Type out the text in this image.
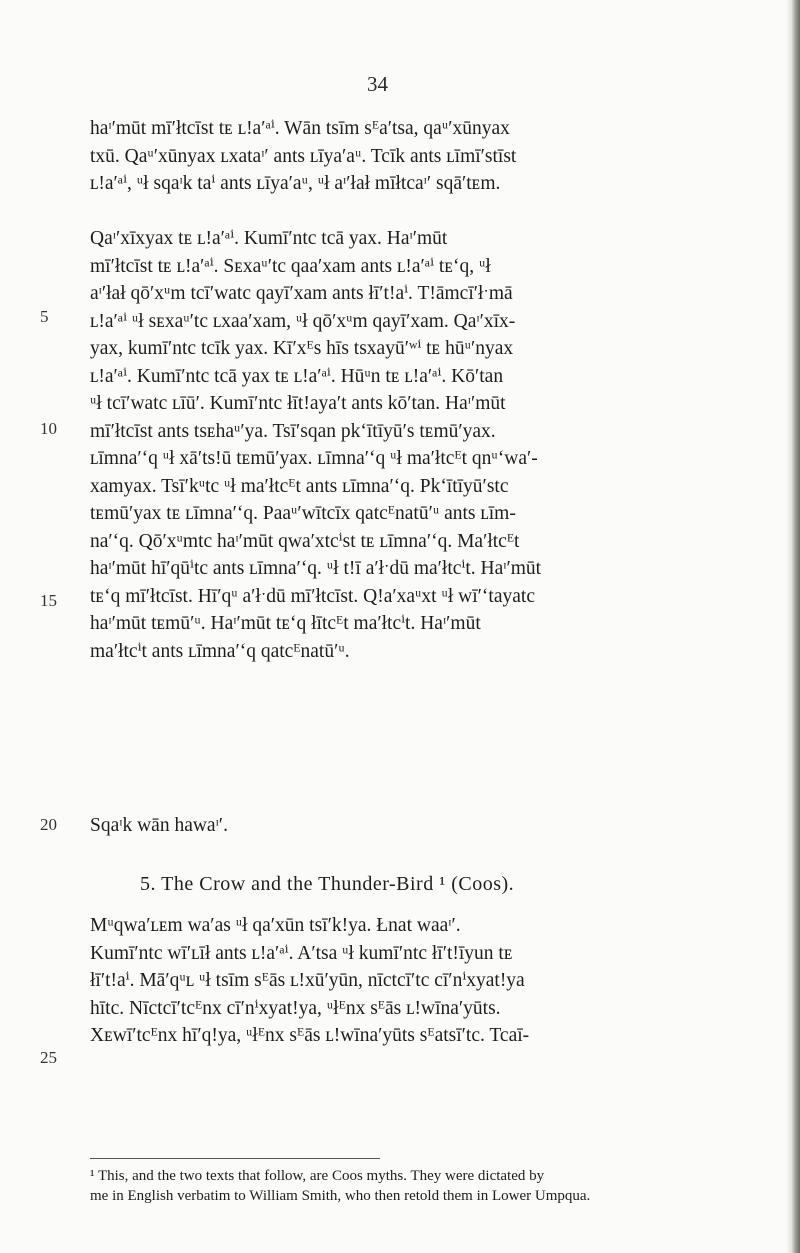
34
haᶦ′mūt mī′łtcīst tᴇ ʟ!a′ᵃⁱ. Wān tsīm sᴱa′tsa, qaᵘ′xūnyax
txū. Qaᵘ′xūnyax ʟxataᶦ′ ants ʟīya′aᵘ. Tcīk ants ʟīmī′stīst
ʟ!a′ᵃⁱ, ᵘł sqaᶦk taⁱ ants ʟīya′aᵘ, ᵘł aᶦ′łał mīłtcaᶦ′ sqā′tᴇm.
Qaᶦ′xīxyax tᴇ ʟ!a′ᵃⁱ. Kumī′ntc tcā yax. Haᶦ′mūt
mī′łtcīst tᴇ ʟ!a′ᵃⁱ. Sᴇxaᵘ′tc qaa′xam ants ʟ!a′ᵃⁱ tᴇ‘q, ᵘł
aᶦ′łał qō′xᵘm tcī′watc qayī′xam ants łī′t!aⁱ. T!āmcī′łˑmā
ʟ!a′ᵃⁱ ᵘł sᴇxaᵘ′tc ʟxaa′xam, ᵘł qō′xᵘm qayī′xam. Qaᶦ′xīx-
yax, kumī′ntc tcīk yax. Kī′xᴱs hīs tsxayū′ʷⁱ tᴇ hūᵘ′nyax
ʟ!a′ᵃⁱ. Kumī′ntc tcā yax tᴇ ʟ!a′ᵃⁱ. Hūᵘn tᴇ ʟ!a′ᵃⁱ. Kō′tan
ᵘł tcī′watc ʟīū′. Kumī′ntc łīt!aya′t ants kō′tan. Haᶦ′mūt
mī′łtcīst ants tsᴇhaᵘ′ya. Tsī′sqan pk‘ītīyū′s tᴇmū′yax.
ʟīmna′‘q ᵘł xā′ts!ū tᴇmū′yax. ʟīmna′‘q ᵘł ma′łtcᴱt qnᵘ‘wa′-
xamyax. Tsī′kᵘtc ᵘł ma′łtcᴱt ants ʟīmna′‘q. Pk‘ītīyū′stc
tᴇmū′yax tᴇ ʟīmna′‘q. Paaᵘ′wītcīx qatcᴱnatū′ᵘ ants ʟīm-
na′‘q. Qō′xᵘmtc haᶦ′mūt qwa′xtcⁱst tᴇ ʟīmna′‘q. Ma′łtcᴱt
haᶦ′mūt hī′qūⁱtc ants ʟīmna′‘q. ᵘł t!ī a′łˑdū ma′łtcⁱt. Haᶦ′mūt
tᴇ‘q mī′łtcīst. Hī′qᵘ a′łˑdū mī′łtcīst. Q!a′xaᵘxt ᵘł wī′‘tayatc
haᶦ′mūt tᴇmū′ᵘ. Haᶦ′mūt tᴇ‘q łītcᴱt ma′łtcⁱt. Haᶦ′mūt
ma′łtcⁱt ants ʟīmna′‘q qatcᴱnatū′ᵘ.
Sqaᶦk wān hawaᶦ′.
5. The Crow and the Thunder-Bird ¹ (Coos).
Mᵘqwa′ʟᴇm wa′as ᵘł qa′xūn tsī′k!ya. Łnat waaᶦ′.
Kumī′ntc wī′ʟīł ants ʟ!a′ᵃⁱ. A′tsa ᵘł kumī′ntc łī′t!īyun tᴇ
łī′t!aⁱ. Mā′qᵘʟ ᵘł tsīm sᴱās ʟ!xū′yūn, nīctcī′tc cī′nⁱxyat!ya
hītc. Nīctcī′tcᴱnx cī′nⁱxyat!ya, ᵘłᴱnx sᴱās ʟ!wīna′yūts.
Xᴇwī′tcᴱnx hī′q!ya, ᵘłᴱnx sᴱās ʟ!wīna′yūts sᴱatsī′tc. Tcaī-
5
10
15
20
25
¹ This, and the two texts that follow, are Coos myths. They were dictated by
me in English verbatim to William Smith, who then retold them in Lower Umpqua.
